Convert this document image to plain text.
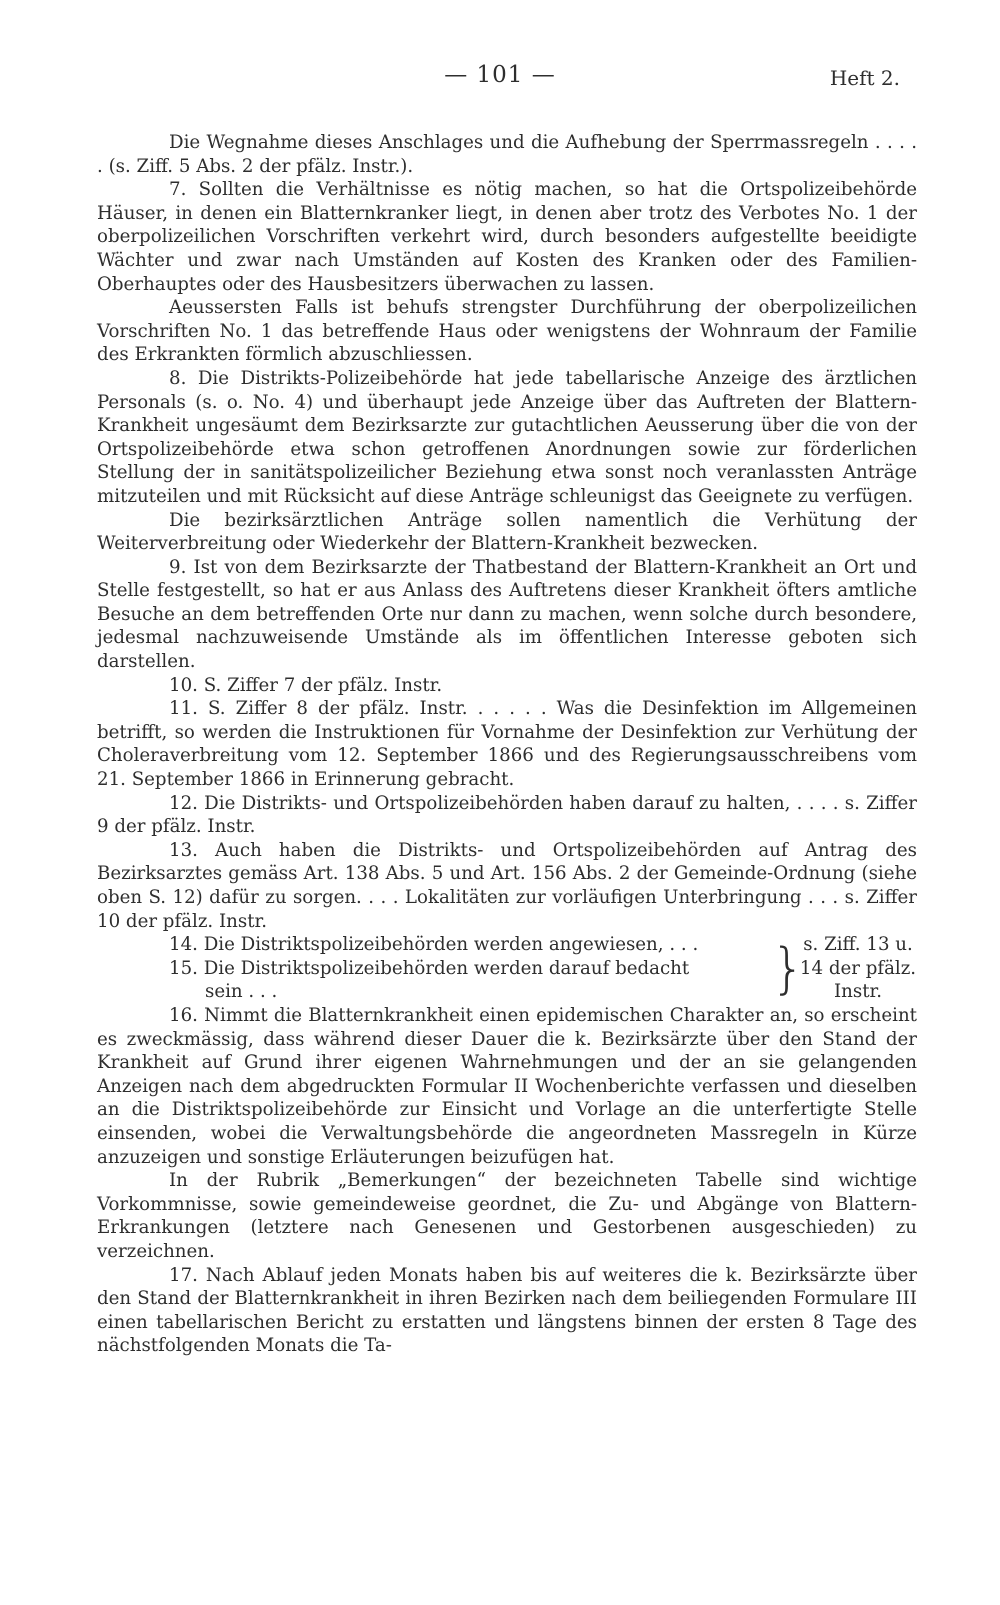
— 101 —	Heft 2.

Die Wegnahme dieses Anschlages und die Aufhebung der Sperrmassregeln . . . . . (s. Ziff. 5 Abs. 2 der pfälz. Instr.).

7. Sollten die Verhältnisse es nötig machen, so hat die Ortspolizeibehörde Häuser, in denen ein Blatternkranker liegt, in denen aber trotz des Verbotes No. 1 der oberpolizeilichen Vorschriften verkehrt wird, durch besonders aufgestellte beeidigte Wächter und zwar nach Umständen auf Kosten des Kranken oder des Familien-Oberhauptes oder des Hausbesitzers überwachen zu lassen.

Aeussersten Falls ist behufs strengster Durchführung der oberpolizeilichen Vorschriften No. 1 das betreffende Haus oder wenigstens der Wohnraum der Familie des Erkrankten förmlich abzuschliessen.

8. Die Distrikts-Polizeibehörde hat jede tabellarische Anzeige des ärztlichen Personals (s. o. No. 4) und überhaupt jede Anzeige über das Auftreten der Blattern-Krankheit ungesäumt dem Bezirksarzte zur gutachtlichen Aeusserung über die von der Ortspolizeibehörde etwa schon getroffenen Anordnungen sowie zur förderlichen Stellung der in sanitätspolizeilicher Beziehung etwa sonst noch veranlassten Anträge mitzuteilen und mit Rücksicht auf diese Anträge schleunigst das Geeignete zu verfügen.

Die bezirksärztlichen Anträge sollen namentlich die Verhütung der Weiterverbreitung oder Wiederkehr der Blattern-Krankheit bezwecken.

9. Ist von dem Bezirksarzte der Thatbestand der Blattern-Krankheit an Ort und Stelle festgestellt, so hat er aus Anlass des Auftretens dieser Krankheit öfters amtliche Besuche an dem betreffenden Orte nur dann zu machen, wenn solche durch besondere, jedesmal nachzuweisende Umstände als im öffentlichen Interesse geboten sich darstellen.

10. S. Ziffer 7 der pfälz. Instr.

11. S. Ziffer 8 der pfälz. Instr. . . . . . Was die Desinfektion im Allgemeinen betrifft, so werden die Instruktionen für Vornahme der Desinfektion zur Verhütung der Choleraverbreitung vom 12. September 1866 und des Regierungsausschreibens vom 21. September 1866 in Erinnerung gebracht.

12. Die Distrikts- und Ortspolizeibehörden haben darauf zu halten, . . . . s. Ziffer 9 der pfälz. Instr.

13. Auch haben die Distrikts- und Ortspolizeibehörden auf Antrag des Bezirksarztes gemäss Art. 138 Abs. 5 und Art. 156 Abs. 2 der Gemeinde-Ordnung (siehe oben S. 12) dafür zu sorgen. . . . Lokalitäten zur vorläufigen Unterbringung . . . s. Ziffer 10 der pfälz. Instr.

14. Die Distriktspolizeibehörden werden angewiesen, . . .

15. Die Distriktspolizeibehörden werden darauf bedacht

sein . . .	}
s. Ziff. 13 u.
14 der pfälz.
Instr.

16. Nimmt die Blatternkrankheit einen epidemischen Charakter an, so erscheint es zweckmässig, dass während dieser Dauer die k. Bezirksärzte über den Stand der Krankheit auf Grund ihrer eigenen Wahrnehmungen und der an sie gelangenden Anzeigen nach dem abgedruckten Formular II Wochenberichte verfassen und dieselben an die Distriktspolizeibehörde zur Einsicht und Vorlage an die unterfertigte Stelle einsenden, wobei die Verwaltungsbehörde die angeordneten Massregeln in Kürze anzuzeigen und sonstige Erläuterungen beizufügen hat.

In der Rubrik „Bemerkungen“ der bezeichneten Tabelle sind wichtige Vorkommnisse, sowie gemeindeweise geordnet, die Zu- und Abgänge von Blattern-Erkrankungen (letztere nach Genesenen und Gestorbenen ausgeschieden) zu verzeichnen.

17. Nach Ablauf jeden Monats haben bis auf weiteres die k. Bezirksärzte über den Stand der Blatternkrankheit in ihren Bezirken nach dem beiliegenden Formulare III einen tabellarischen Bericht zu erstatten und längstens binnen der ersten 8 Tage des nächstfolgenden Monats die Ta-
